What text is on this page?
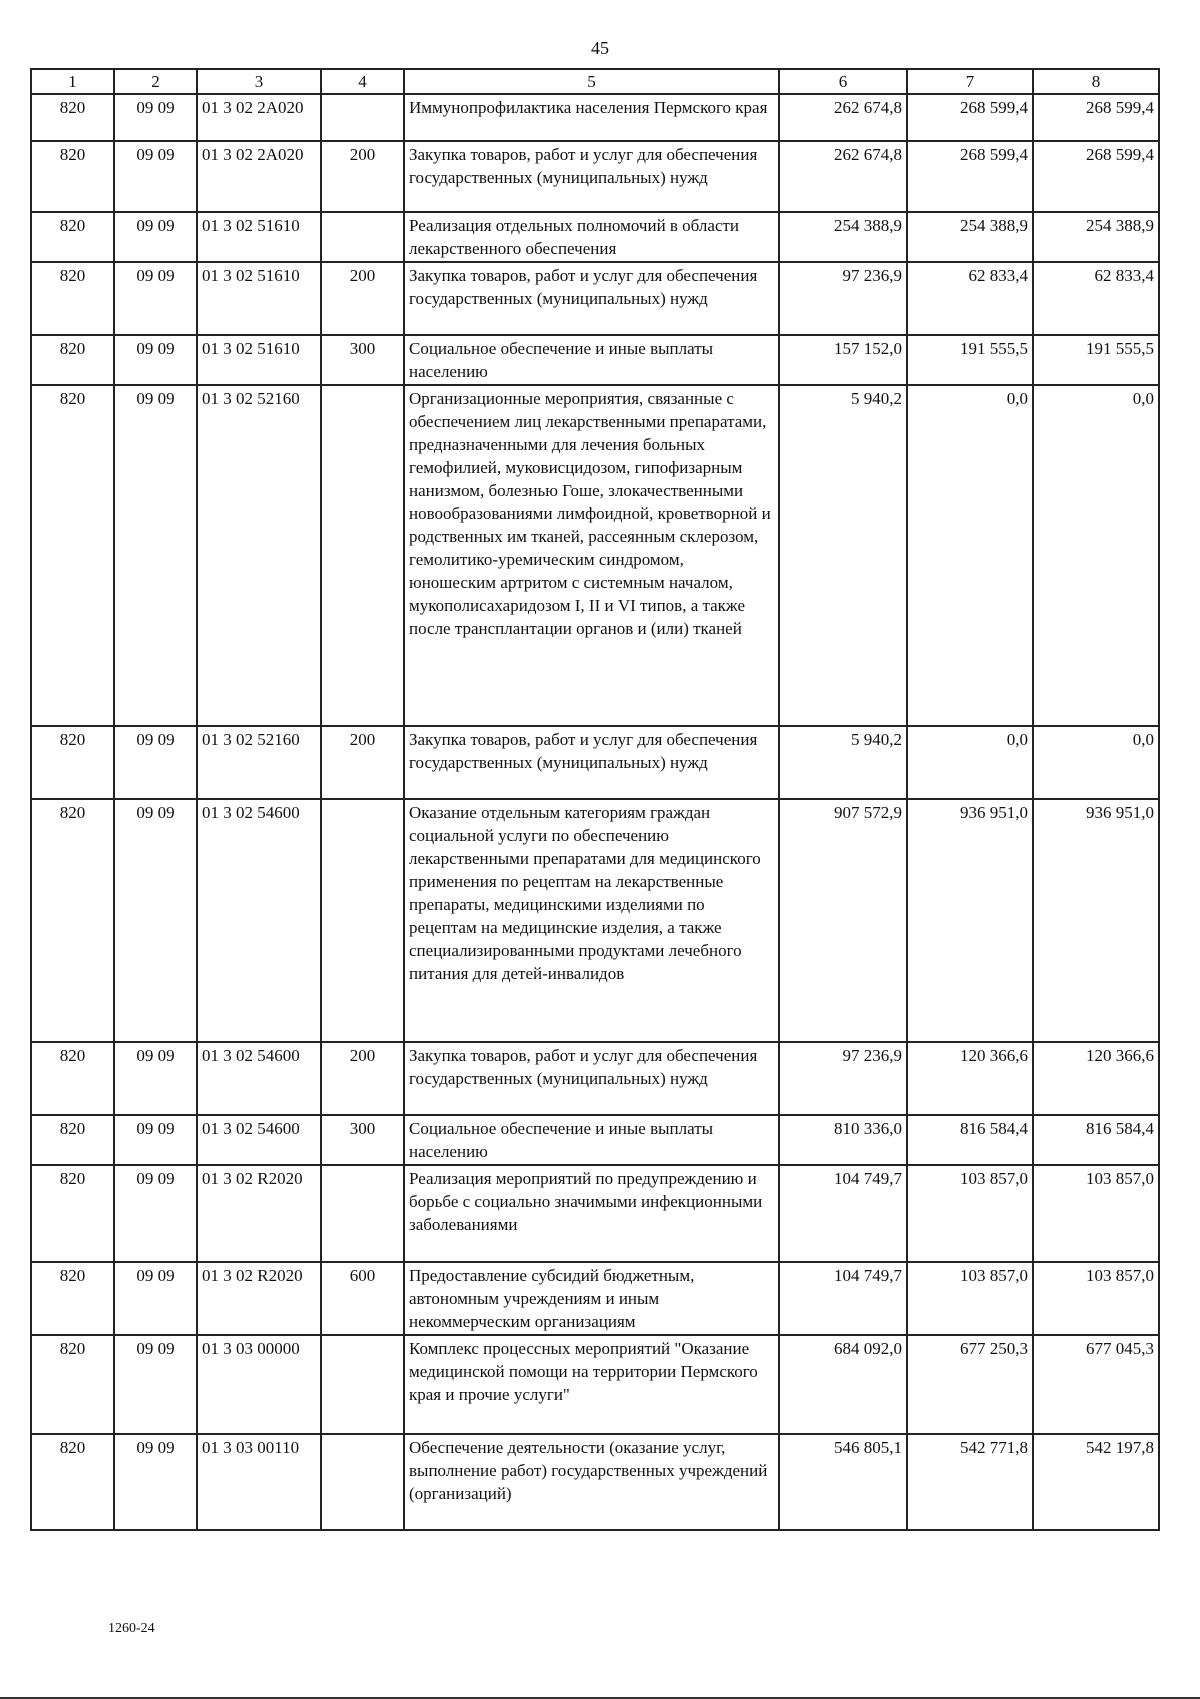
45
1	2	3	4	5	6	7	8
820	09 09	01 3 02 2А020		Иммунопрофилактика населения Пермского края	262 674,8	268 599,4	268 599,4
820	09 09	01 3 02 2А020	200	Закупка товаров, работ и услуг для обеспечения государственных (муниципальных) нужд	262 674,8	268 599,4	268 599,4
820	09 09	01 3 02 51610		Реализация отдельных полномочий в области лекарственного обеспечения	254 388,9	254 388,9	254 388,9
820	09 09	01 3 02 51610	200	Закупка товаров, работ и услуг для обеспечения государственных (муниципальных) нужд	97 236,9	62 833,4	62 833,4
820	09 09	01 3 02 51610	300	Социальное обеспечение и иные выплаты населению	157 152,0	191 555,5	191 555,5
820	09 09	01 3 02 52160		Организационные мероприятия, связанные с обеспечением лиц лекарственными препаратами, предназначенными для лечения больных гемофилией, муковисцидозом, гипофизарным нанизмом, болезнью Гоше, злокачественными новообразованиями лимфоидной, кроветворной и родственных им тканей, рассеянным склерозом, гемолитико-уремическим синдромом, юношеским артритом с системным началом, мукополисахаридозом I, II и VI типов, а также после трансплантации органов и (или) тканей	5 940,2	0,0	0,0
820	09 09	01 3 02 52160	200	Закупка товаров, работ и услуг для обеспечения государственных (муниципальных) нужд	5 940,2	0,0	0,0
820	09 09	01 3 02 54600		Оказание отдельным категориям граждан социальной услуги по обеспечению лекарственными препаратами для медицинского применения по рецептам на лекарственные препараты, медицинскими изделиями по рецептам на медицинские изделия, а также специализированными продуктами лечебного питания для детей-инвалидов	907 572,9	936 951,0	936 951,0
820	09 09	01 3 02 54600	200	Закупка товаров, работ и услуг для обеспечения государственных (муниципальных) нужд	97 236,9	120 366,6	120 366,6
820	09 09	01 3 02 54600	300	Социальное обеспечение и иные выплаты населению	810 336,0	816 584,4	816 584,4
820	09 09	01 3 02 R2020		Реализация мероприятий по предупреждению и борьбе с социально значимыми инфекционными заболеваниями	104 749,7	103 857,0	103 857,0
820	09 09	01 3 02 R2020	600	Предоставление субсидий бюджетным, автономным учреждениям и иным некоммерческим организациям	104 749,7	103 857,0	103 857,0
820	09 09	01 3 03 00000		Комплекс процессных мероприятий "Оказание медицинской помощи на территории Пермского края и прочие услуги"	684 092,0	677 250,3	677 045,3
820	09 09	01 3 03 00110		Обеспечение деятельности (оказание услуг, выполнение работ) государственных учреждений (организаций)	546 805,1	542 771,8	542 197,8
1260-24
